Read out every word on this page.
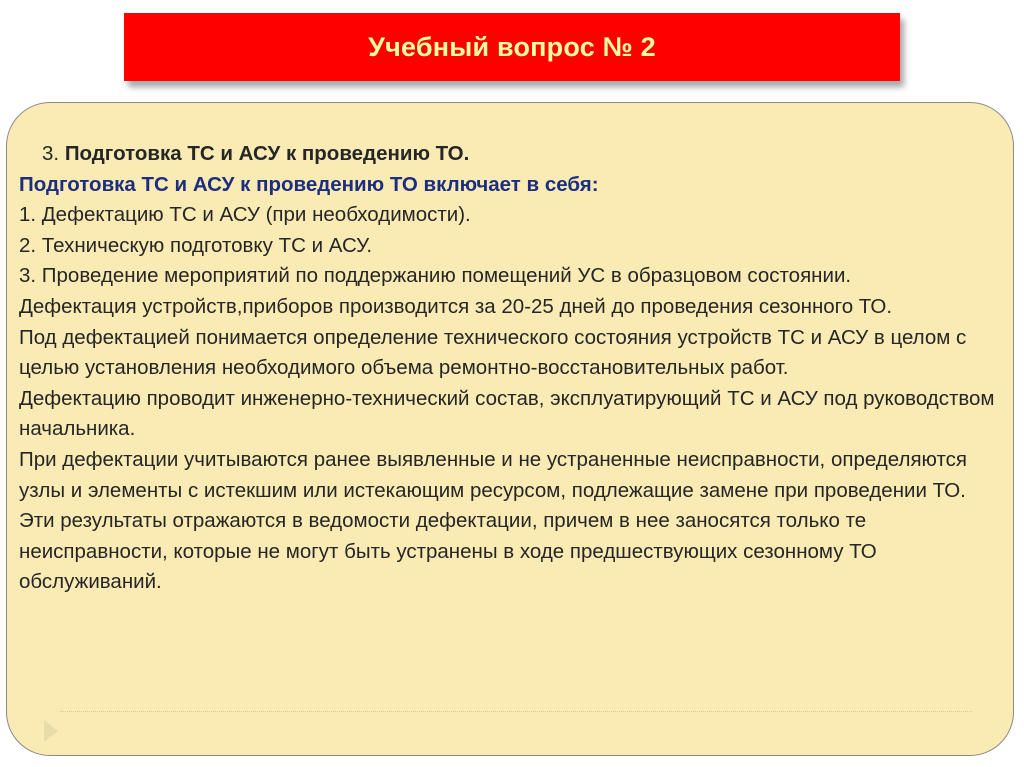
Учебный вопрос № 2

3. Подготовка ТС и АСУ к проведению ТО.

Подготовка ТС и АСУ к проведению ТО включает в себя:

1. Дефектацию ТС и АСУ (при необходимости).

2. Техническую подготовку ТС и АСУ.

3. Проведение мероприятий по поддержанию помещений УС в образцовом состоянии.

Дефектация устройств,приборов производится за 20-25 дней до проведения сезонного ТО.

Под дефектацией понимается определение технического состояния устройств ТС и АСУ в целом с целью установления необходимого объема ремонтно-восстановительных работ.

Дефектацию проводит инженерно-технический состав, эксплуатирующий ТС и АСУ под руководством начальника.

При дефектации учитываются ранее выявленные и не устраненные неисправности, определяются узлы и элементы с истекшим или истекающим ресурсом, подлежащие замене при проведении ТО.

Эти результаты отражаются в ведомости дефектации, причем в нее заносятся только те неисправности, которые не могут быть устранены в ходе предшествующих сезонному ТО обслуживаний.
